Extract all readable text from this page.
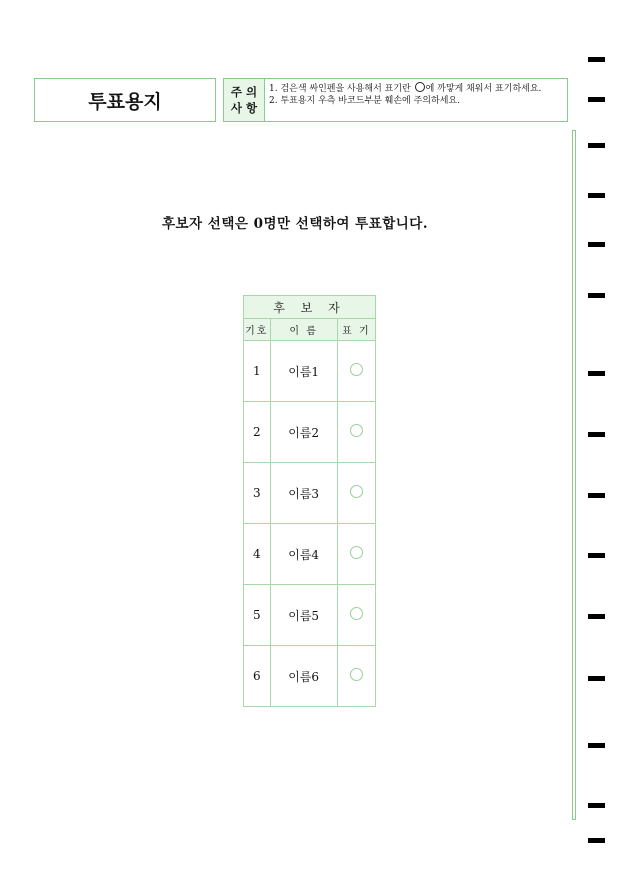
투표용지	주 의
사 항
1. 검은색 싸인펜을 사용해서 표기란 에 까맣게 채워서 표기하세요.
2. 투표용지 우측 바코드부분 훼손에 주의하세요.
후보자 선택은 0명만 선택하여 투표합니다.
후 보 자		
기호	이 름	표 기
1	이름1	
2	이름2	
3	이름3	
4	이름4	
5	이름5	
6	이름6	
